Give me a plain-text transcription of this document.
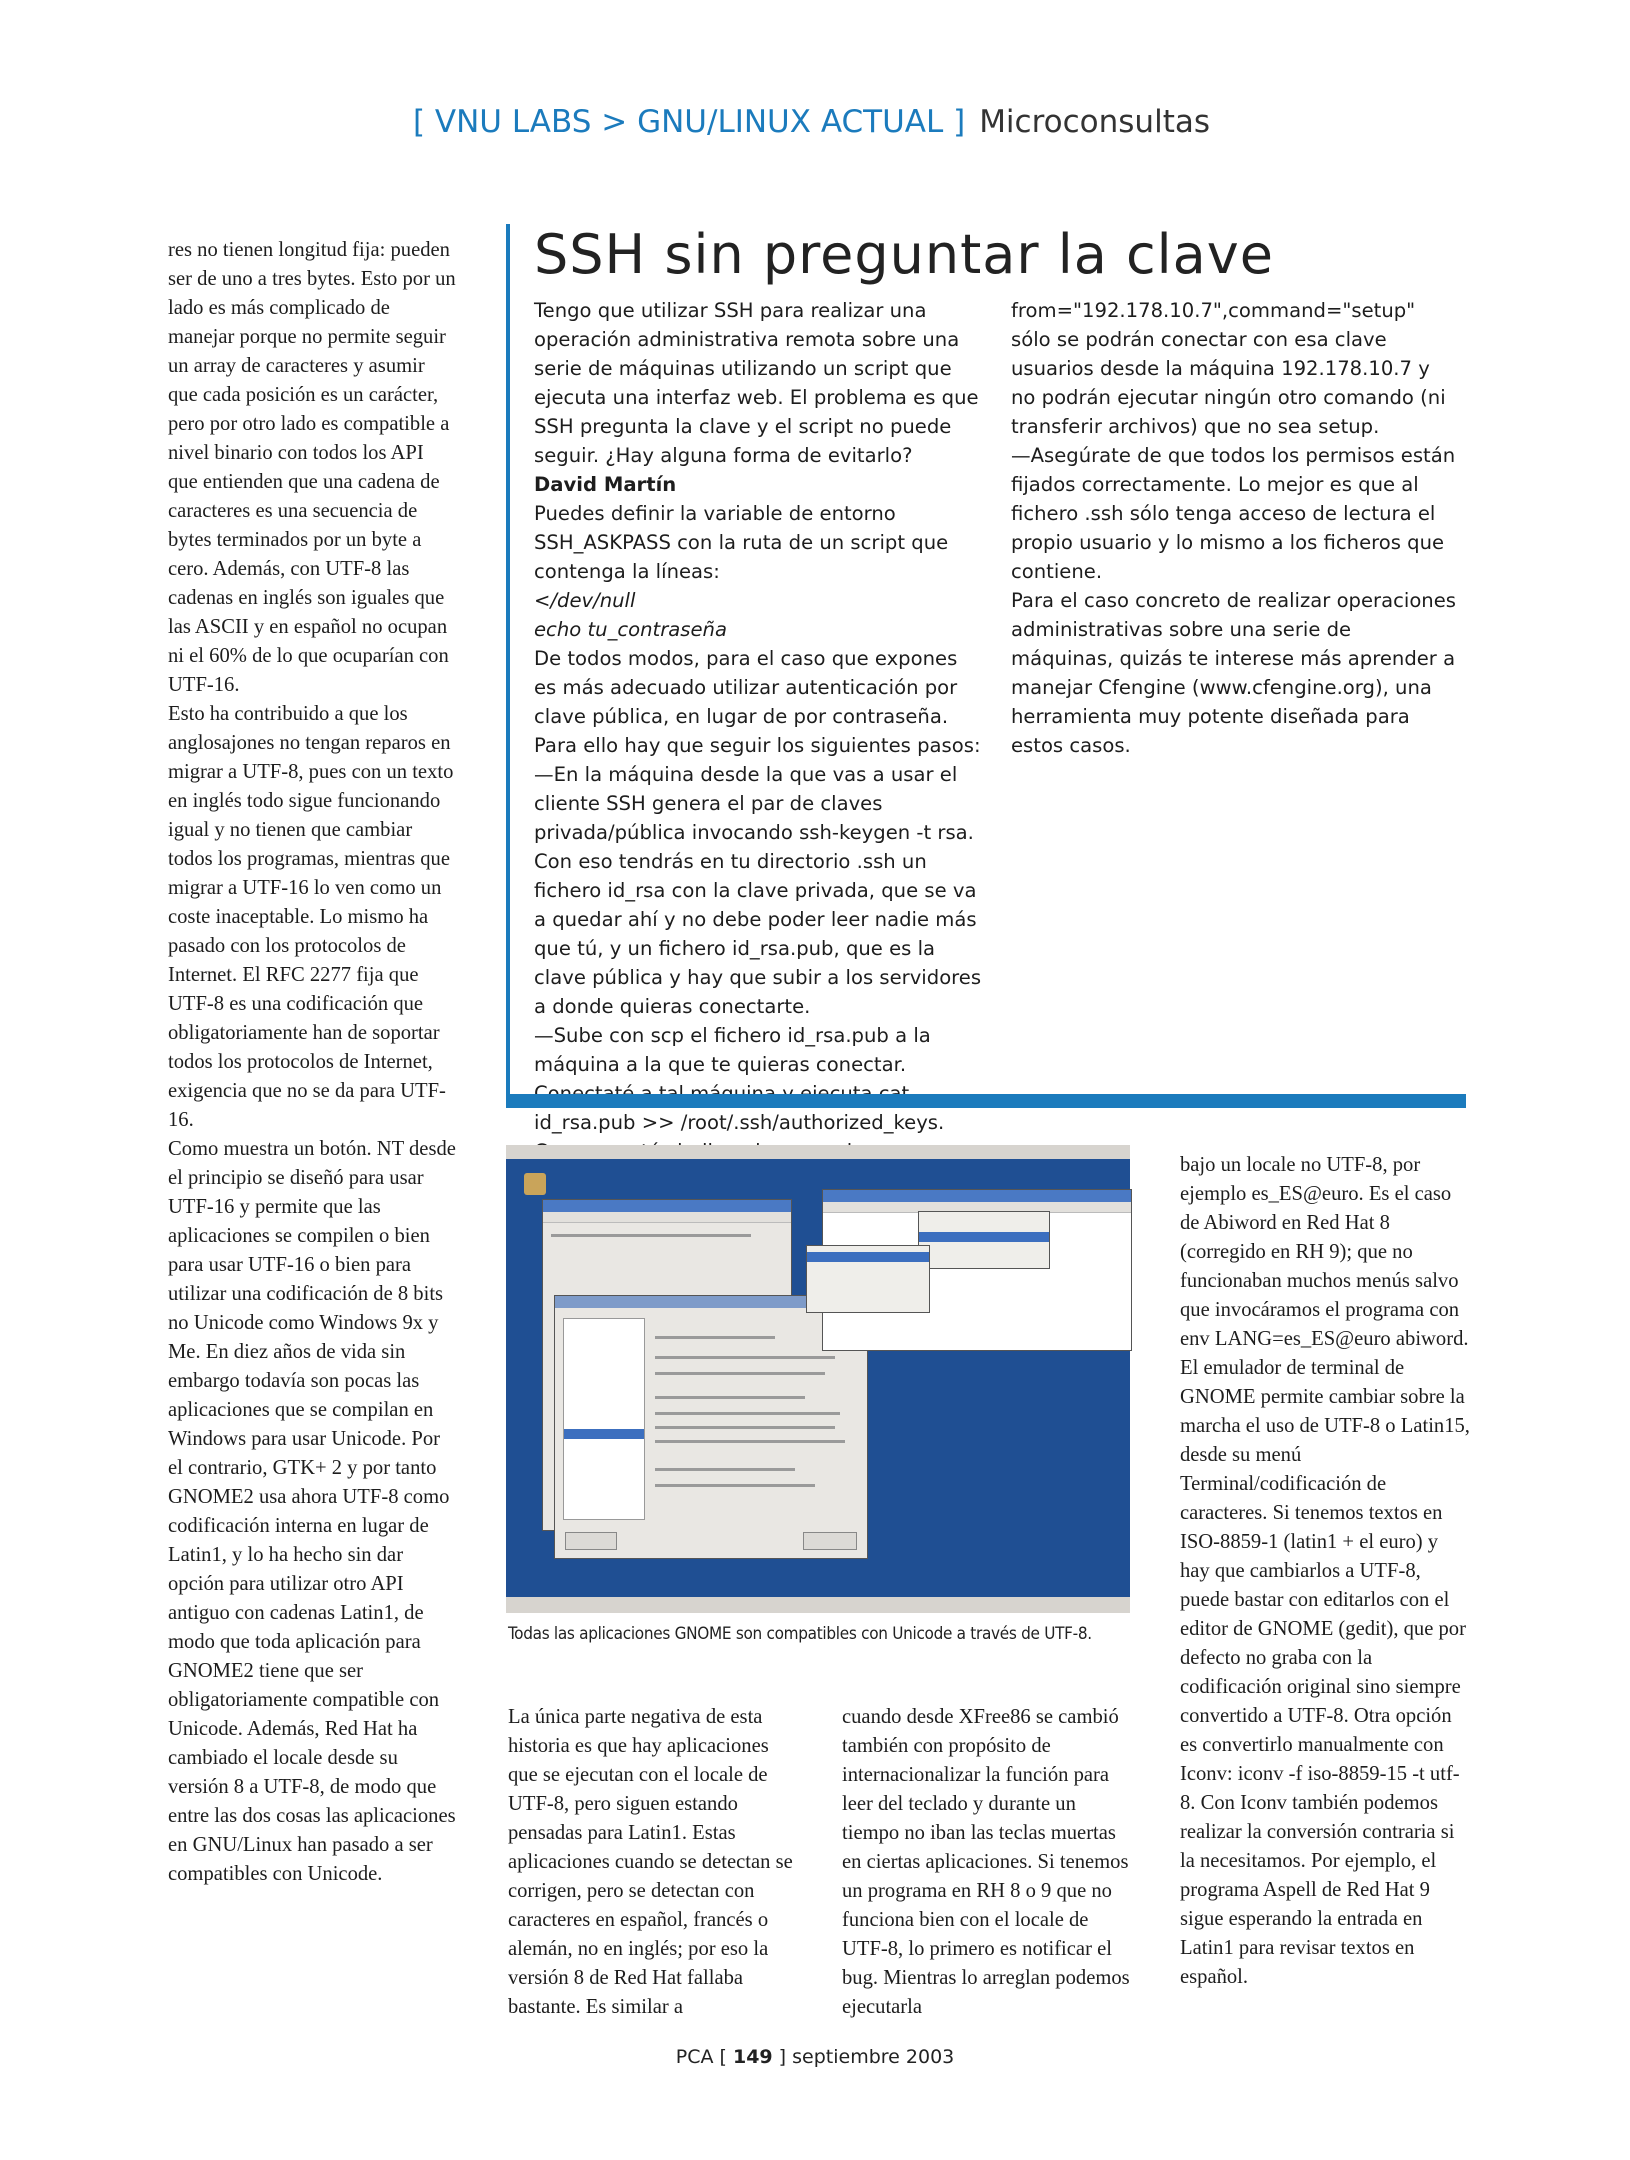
[ VNU LABS > GNU/LINUX ACTUAL ] Microconsultas

res no tienen longitud fija: pueden ser de uno a tres bytes. Esto por un lado es más complicado de manejar porque no permite seguir un array de caracteres y asumir que cada posición es un carácter, pero por otro lado es compatible a nivel binario con todos los API que entienden que una cadena de caracteres es una secuencia de bytes terminados por un byte a cero. Además, con UTF-8 las cadenas en inglés son iguales que las ASCII y en español no ocupan ni el 60% de lo que ocuparían con UTF-16.

Esto ha contribuido a que los anglosajones no tengan reparos en migrar a UTF-8, pues con un texto en inglés todo sigue funcionando igual y no tienen que cambiar todos los programas, mientras que migrar a UTF-16 lo ven como un coste inaceptable. Lo mismo ha pasado con los protocolos de Internet. El RFC 2277 fija que UTF-8 es una codificación que obligatoriamente han de soportar todos los protocolos de Internet, exigencia que no se da para UTF-16.

Como muestra un botón. NT desde el principio se diseñó para usar UTF-16 y permite que las aplicaciones se compilen o bien para usar UTF-16 o bien para utilizar una codificación de 8 bits no Unicode como Windows 9x y Me. En diez años de vida sin embargo todavía son pocas las aplicaciones que se compilan en Windows para usar Unicode. Por el contrario, GTK+ 2 y por tanto GNOME2 usa ahora UTF-8 como codificación interna en lugar de Latin1, y lo ha hecho sin dar opción para utilizar otro API antiguo con cadenas Latin1, de modo que toda aplicación para GNOME2 tiene que ser obligatoriamente compatible con Unicode. Además, Red Hat ha cambiado el locale desde su versión 8 a UTF-8, de modo que entre las dos cosas las aplicaciones en GNU/Linux han pasado a ser compatibles con Unicode.

SSH sin preguntar la clave

Tengo que utilizar SSH para realizar una operación administrativa remota sobre una serie de máquinas utilizando un script que ejecuta una interfaz web. El problema es que SSH pregunta la clave y el script no puede seguir. ¿Hay alguna forma de evitarlo?

David Martín

Puedes definir la variable de entorno SSH_ASKPASS con la ruta de un script que contenga la líneas:

</dev/null

echo tu_contraseña

De todos modos, para el caso que expones es más adecuado utilizar autenticación por clave pública, en lugar de por contraseña. Para ello hay que seguir los siguientes pasos:

—En la máquina desde la que vas a usar el cliente SSH genera el par de claves privada/pública invocando ssh-keygen -t rsa. Con eso tendrás en tu directorio .ssh un fichero id_rsa con la clave privada, que se va a quedar ahí y no debe poder leer nadie más que tú, y un fichero id_rsa.pub, que es la clave pública y hay que subir a los servidores a donde quieras conectarte.

—Sube con scp el fichero id_rsa.pub a la máquina a la que te quieras conectar. id_rsa.pub >> /root/.ssh/authorized_keys.

from="192.178.10.7",command="setup" sólo se podrán conectar con esa clave usuarios desde la máquina 192.178.10.7 y no podrán ejecutar ningún otro comando (ni transferir archivos) que no sea setup.

—Asegúrate de que todos los permisos están fijados correctamente. Lo mejor es que al fichero .ssh sólo tenga acceso de lectura el propio usuario y lo mismo a los ficheros que contiene.

Para el caso concreto de realizar operaciones administrativas sobre una serie de máquinas, quizás te interese más aprender a manejar Cfengine (www.cfengine.org), una herramienta muy potente diseñada para estos casos.

Todas las aplicaciones GNOME son compatibles con Unicode a través de UTF-8.

La única parte negativa de esta historia es que hay aplicaciones que se ejecutan con el locale de UTF-8, pero siguen estando pensadas para Latin1. Estas aplicaciones cuando se detectan se corrigen, pero se detectan con caracteres en español, francés o alemán, no en inglés; por eso la versión 8 de Red Hat fallaba bastante. Es similar a

cuando desde XFree86 se cambió también con propósito de internacionalizar la función para leer del teclado y durante un tiempo no iban las teclas muertas en ciertas aplicaciones. Si tenemos un programa en RH 8 o 9 que no funciona bien con el locale de UTF-8, lo primero es notificar el bug. Mientras lo arreglan podemos ejecutarla

bajo un locale no UTF-8, por ejemplo es_ES@euro. Es el caso de Abiword en Red Hat 8 (corregido en RH 9); que no funcionaban muchos menús salvo que invocáramos el programa con env LANG=es_ES@euro abiword. El emulador de terminal de GNOME permite cambiar sobre la marcha el uso de UTF-8 o Latin15, desde su menú Terminal/codificación de caracteres. Si tenemos textos en ISO-8859-1 (latin1 + el euro) y hay que cambiarlos a UTF-8, puede bastar con editarlos con el editor de GNOME (gedit), que por defecto no graba con la codificación original sino siempre convertido a UTF-8. Otra opción es convertirlo manualmente con Iconv: iconv -f iso-8859-15 -t utf-8. Con Iconv también podemos realizar la conversión contraria si la necesitamos. Por ejemplo, el programa Aspell de Red Hat 9 sigue esperando la entrada en Latin1 para revisar textos en español.

PCA [ 149 ] septiembre 2003
